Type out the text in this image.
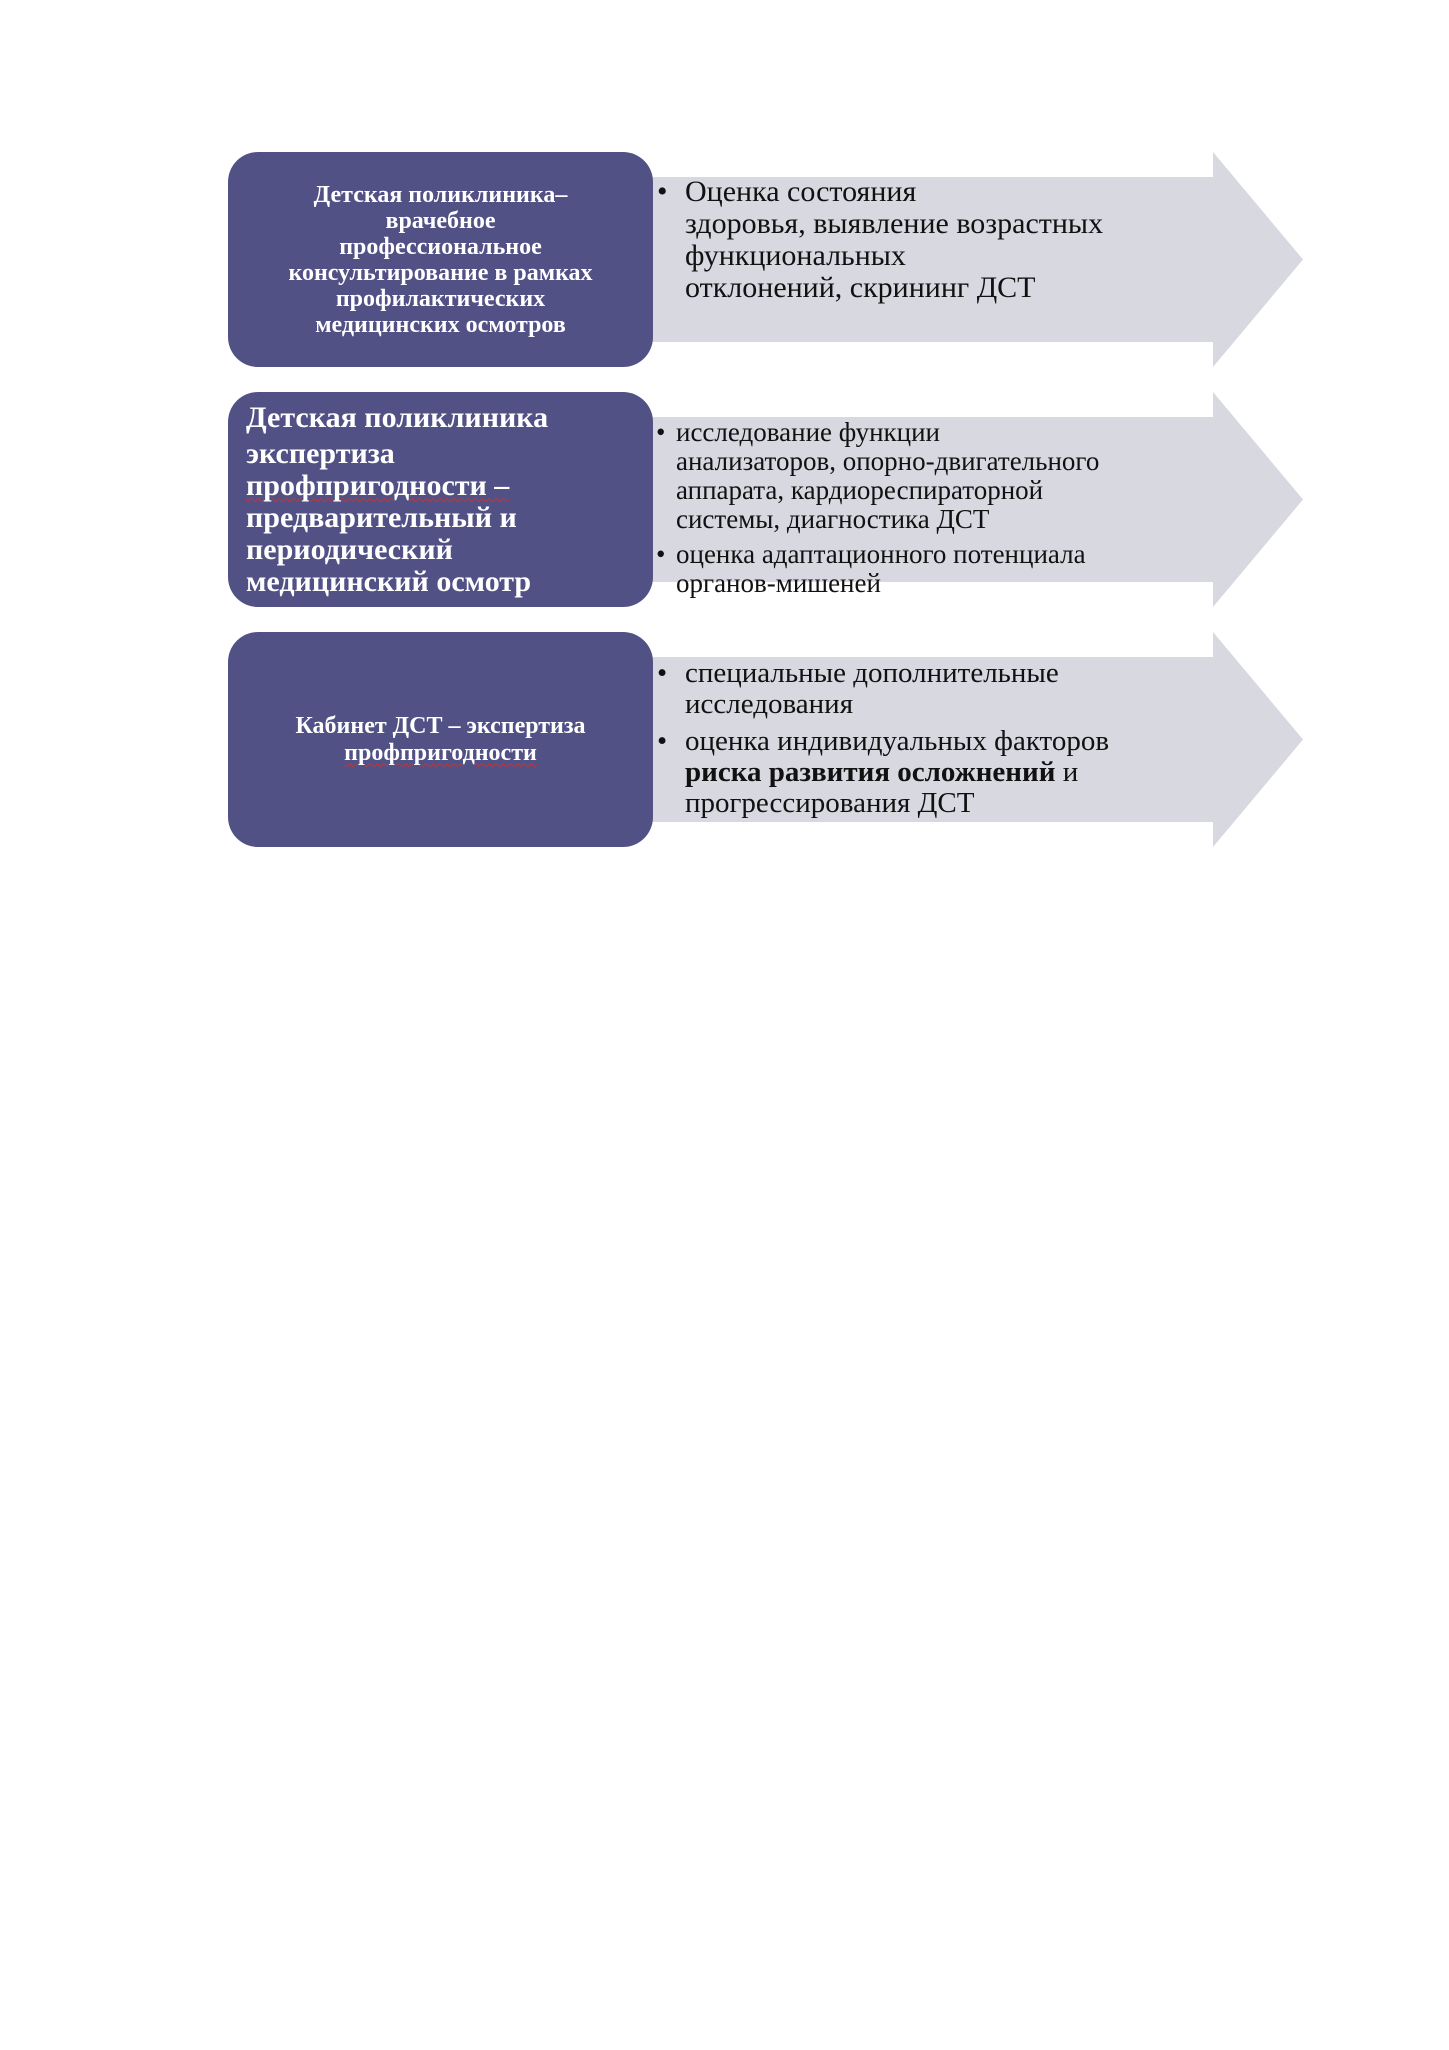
Детская поликлиника–
врачебное
профессиональное
консультирование в рамках
профилактических
медицинских осмотров
• Оценка состояния
здоровья, выявление возрастных
функциональных
отклонений, скрининг ДСТ
Детская поликлиника
экспертиза
профпригодности –
предварительный и
периодический
медицинский осмотр
• исследование функции
анализаторов, опорно-двигательного
аппарата, кардиореспираторной
системы, диагностика ДСТ
• оценка адаптационного потенциала
органов-мишеней
Кабинет ДСТ – экспертиза
профпригодности
• специальные дополнительные
исследования
• оценка индивидуальных факторов
риска развития осложнений и
прогрессирования ДСТ
